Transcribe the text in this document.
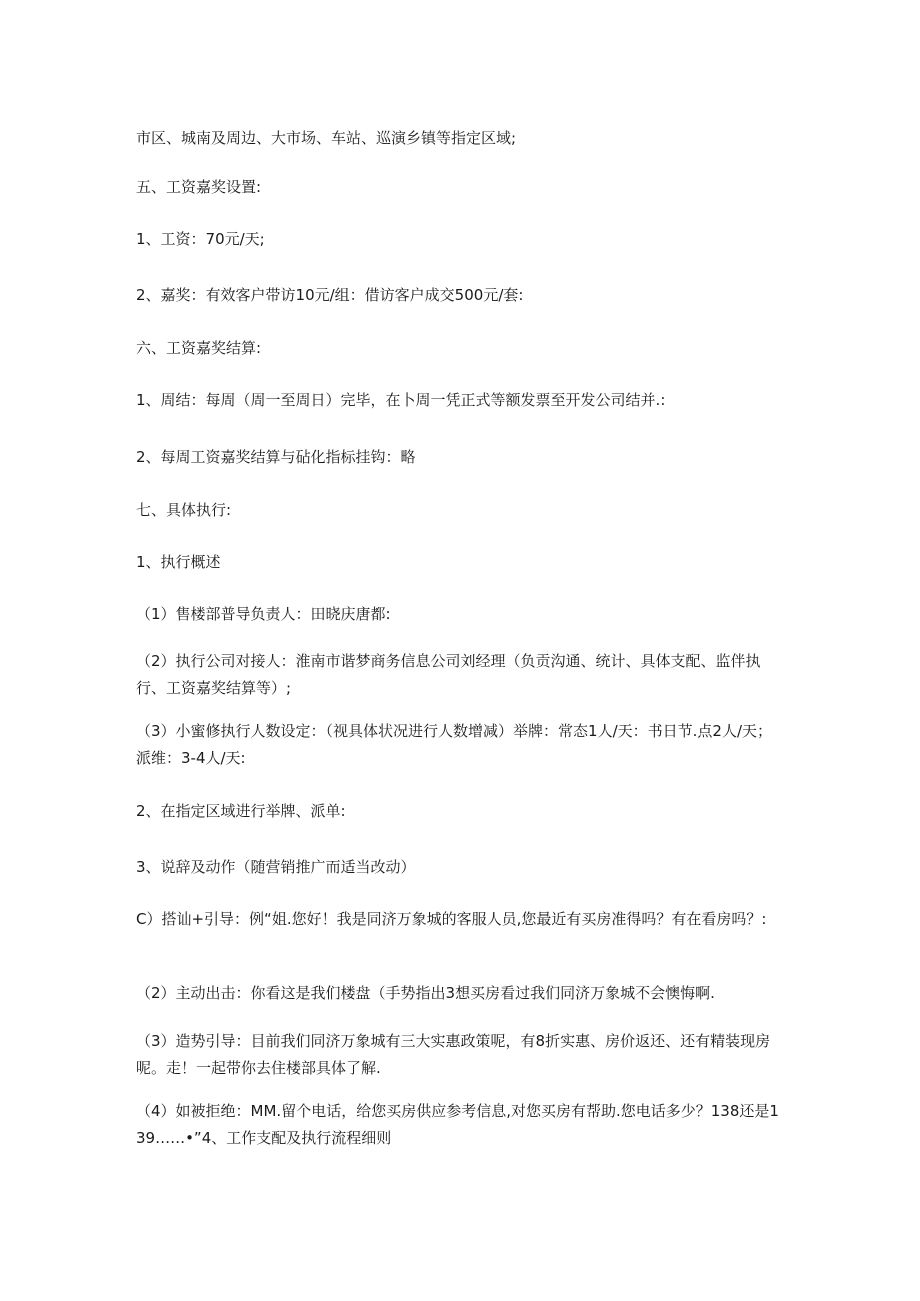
市区、城南及周边、大市场、车站、巡演乡镇等指定区域;

五、工资嘉奖设置:

1、工资：70元/天;

2、嘉奖：有效客户带访10元/组：借访客户成交500元/套:

六、工资嘉奖结算:

1、周结：每周（周一至周日）完毕，在卜周一凭正式等额发票至开发公司结并.:

2、每周工资嘉奖结算与砧化指标挂钩：略

七、具体执行:

1、执行概述

（1）售楼部普导负责人：田晓庆唐都:

（2）执行公司对接人：淮南市谐梦商务信息公司刘经理（负贡沟通、统计、具体支配、监伴执行、工资嘉奖结算等）;

（3）小蜜修执行人数设定：（视具体状况进行人数增减）举牌：常态1人/天：书日节.点2人/天；派维：3-4人/天:

2、在指定区域进行举牌、派单:

3、说辞及动作（随营销推广而适当改动）

C）搭讪+引导：例“姐.您好！我是同济万象城的客服人员,您最近有买房准得吗？有在看房吗？:

（2）主动出击：你看这是我们楼盘（手势指出3想买房看过我们同济万象城不会懊悔啊.

（3）造势引导：目前我们同济万象城有三大实惠政策呢，有8折实惠、房价返还、还有精装现房呢。走！一起带你去住楼部具体了解.

（4）如被拒绝：MM.留个电话，给您买房供应参考信息,对您买房有帮助.您电话多少？138还是139……•”4、工作支配及执行流程细则
